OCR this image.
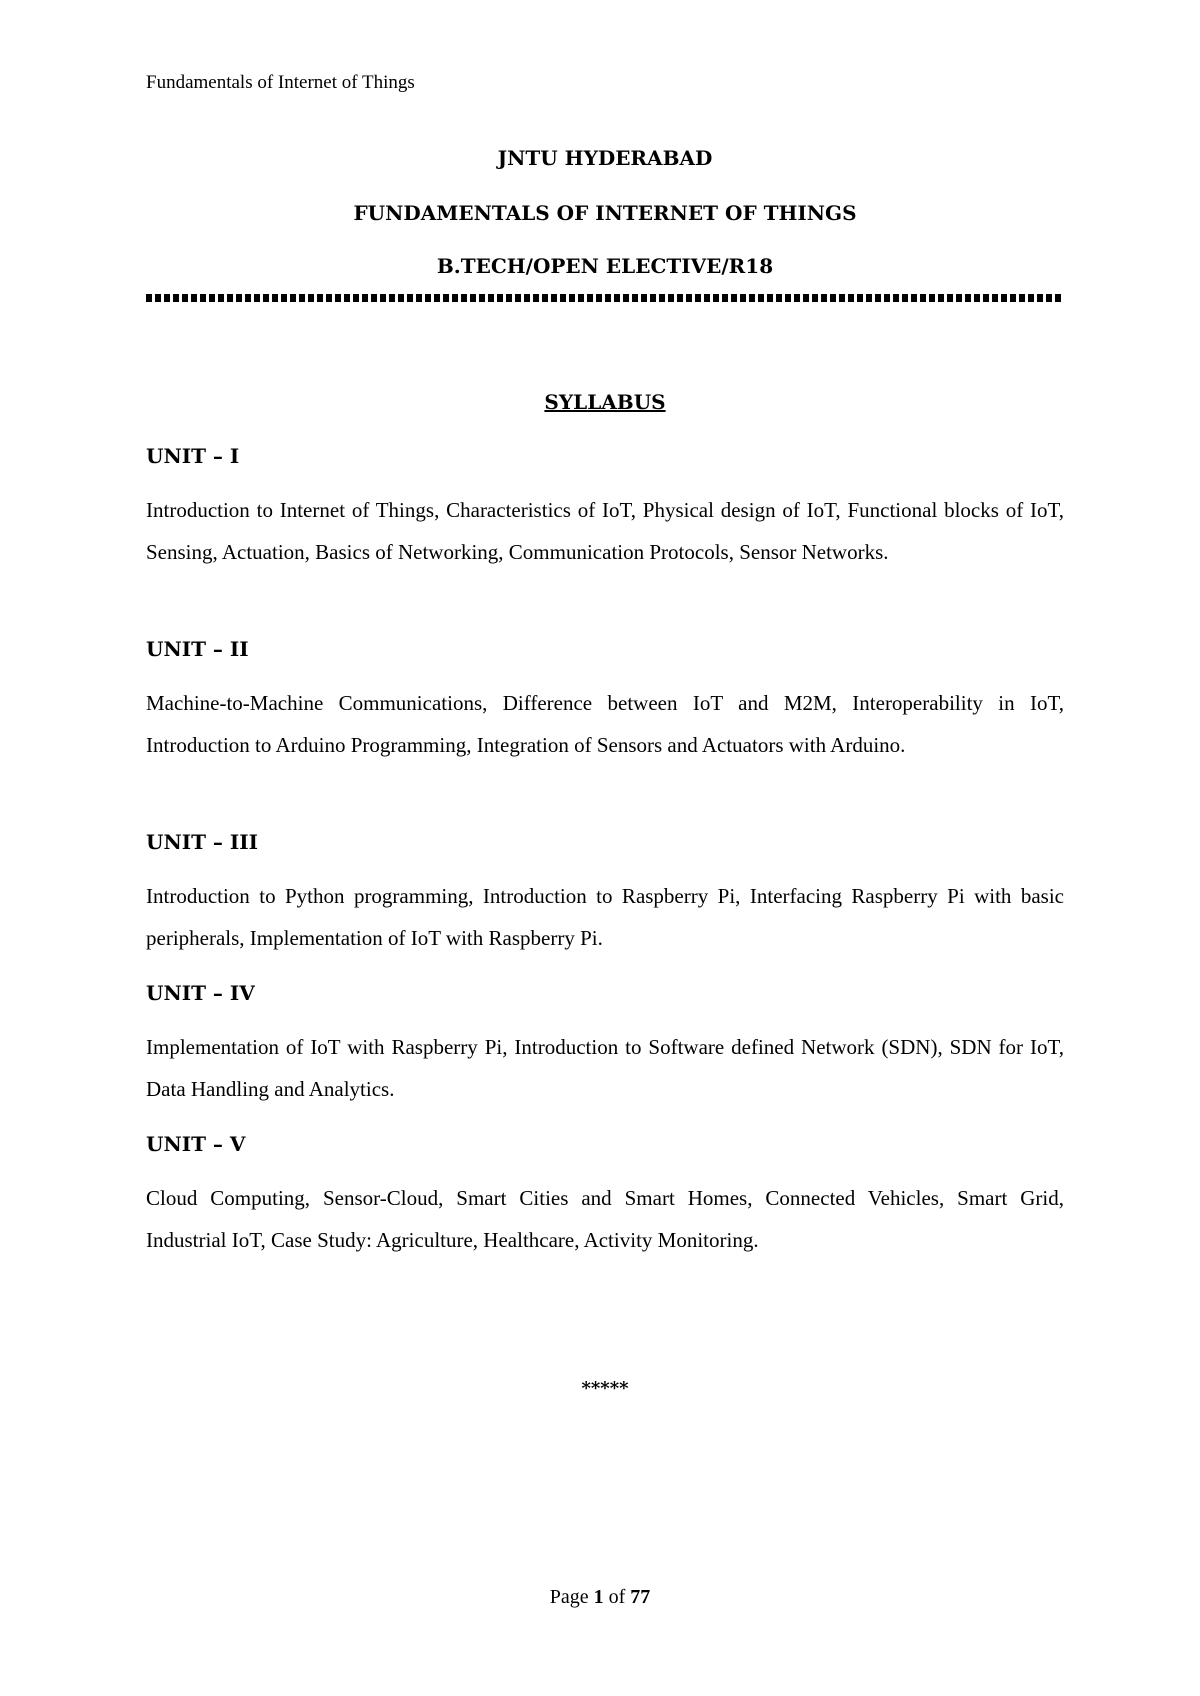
Fundamentals of Internet of Things
JNTU HYDERABAD
FUNDAMENTALS OF INTERNET OF THINGS
B.TECH/OPEN ELECTIVE/R18
SYLLABUS
UNIT – I
Introduction to Internet of Things, Characteristics of IoT, Physical design of IoT, Functional blocks of IoT, Sensing, Actuation, Basics of Networking, Communication Protocols, Sensor Networks.
UNIT – II
Machine-to-Machine Communications, Difference between IoT and M2M, Interoperability in IoT, Introduction to Arduino Programming, Integration of Sensors and Actuators with Arduino.
UNIT – III
Introduction to Python programming, Introduction to Raspberry Pi, Interfacing Raspberry Pi with basic peripherals, Implementation of IoT with Raspberry Pi.
UNIT – IV
Implementation of IoT with Raspberry Pi, Introduction to Software defined Network (SDN), SDN for IoT, Data Handling and Analytics.
UNIT – V
Cloud Computing, Sensor-Cloud, Smart Cities and Smart Homes, Connected Vehicles, Smart Grid, Industrial IoT, Case Study: Agriculture, Healthcare, Activity Monitoring.
*****
Page 1 of 77
